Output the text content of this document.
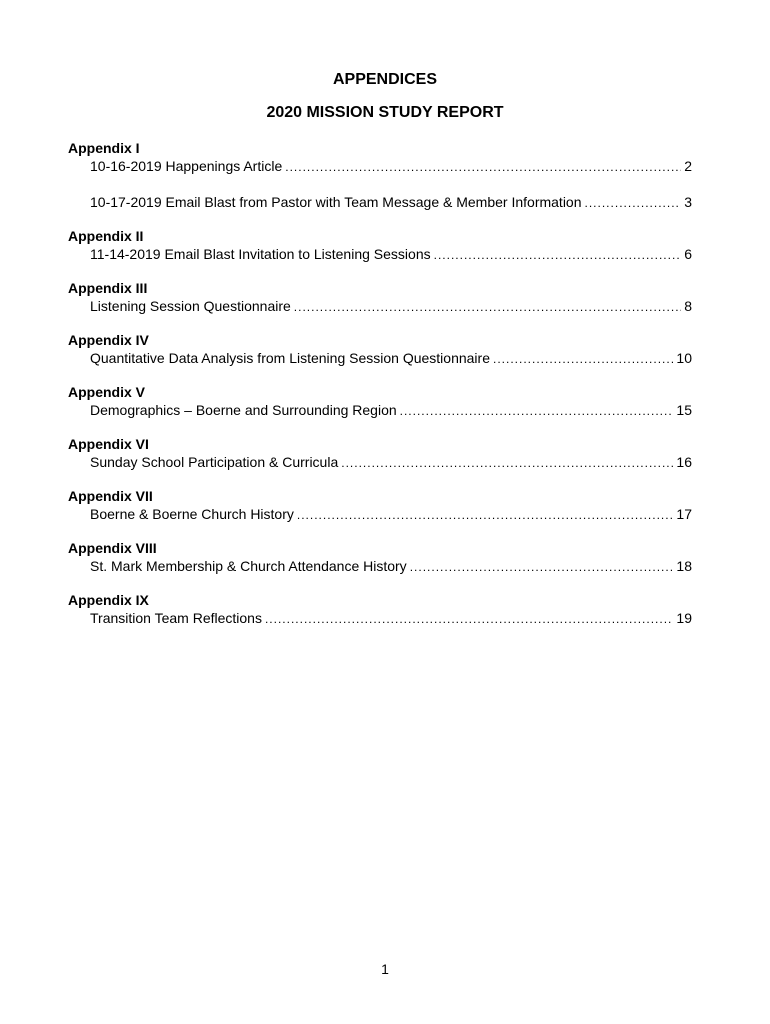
APPENDICES
2020 MISSION STUDY REPORT
Appendix I
10-16-2019 Happenings Article .....	2
10-17-2019 Email Blast from Pastor with Team Message & Member Information .....	3
Appendix II
11-14-2019 Email Blast Invitation to Listening Sessions .....	6
Appendix III
Listening Session Questionnaire .....	8
Appendix IV
Quantitative Data Analysis from Listening Session Questionnaire .....	10
Appendix V
Demographics – Boerne and Surrounding Region .....	15
Appendix VI
Sunday School Participation & Curricula .....	16
Appendix VII
Boerne & Boerne Church History .....	17
Appendix VIII
St. Mark Membership & Church Attendance History .....	18
Appendix IX
Transition Team Reflections .....	19
1
